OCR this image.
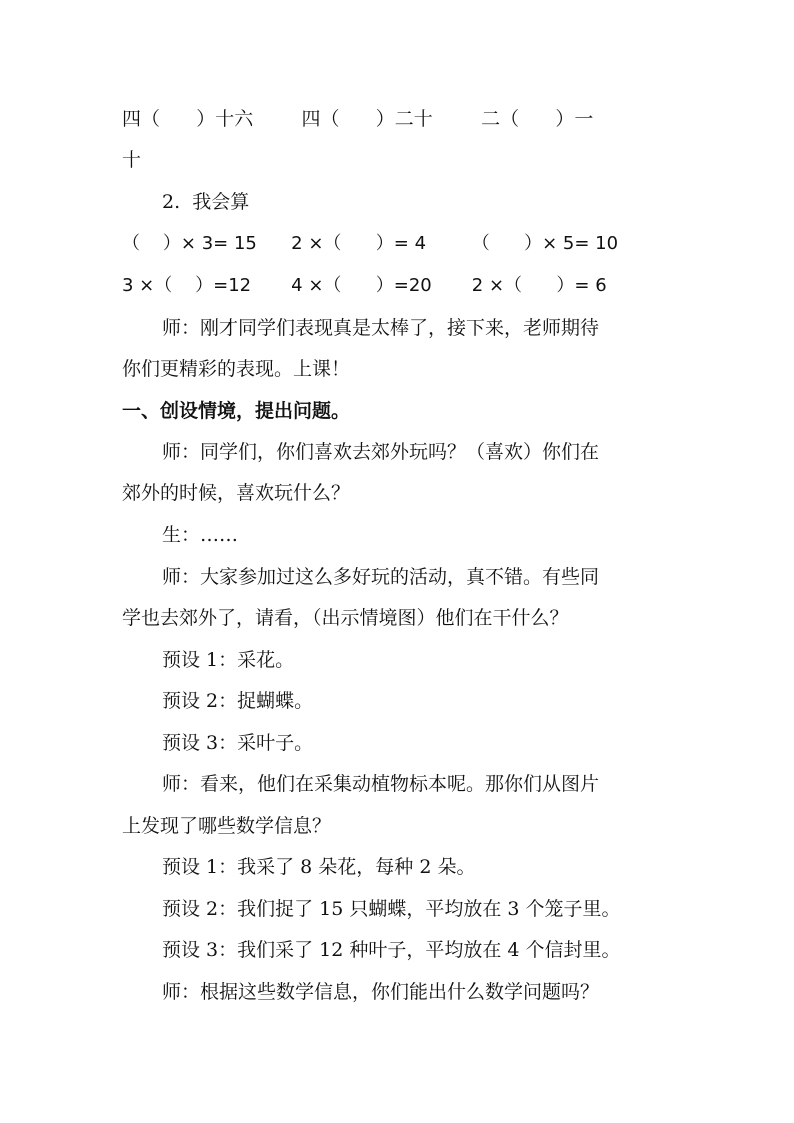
四（      ）十六        四（      ）二十        二（      ）一
十
2.  我会算
（    ）× 3= 15      2 ×（      ）= 4        （      ）× 5= 10
3 ×（    ）=12       4 ×（      ）=20       2 ×（      ）= 6
师：刚才同学们表现真是太棒了，接下来，老师期待
你们更精彩的表现。上课！
一、创设情境，提出问题。
师：同学们，你们喜欢去郊外玩吗？（喜欢）你们在
郊外的时候，喜欢玩什么？
生：……
师：大家参加过这么多好玩的活动，真不错。有些同
学也去郊外了，请看，（出示情境图）他们在干什么？
预设 1：采花。
预设 2：捉蝴蝶。
预设 3：采叶子。
师：看来，他们在采集动植物标本呢。那你们从图片
上发现了哪些数学信息？
预设 1：我采了 8 朵花，每种 2 朵。
预设 2：我们捉了 15 只蝴蝶，平均放在 3 个笼子里。
预设 3：我们采了 12 种叶子，平均放在 4 个信封里。
师：根据这些数学信息，你们能出什么数学问题吗？
